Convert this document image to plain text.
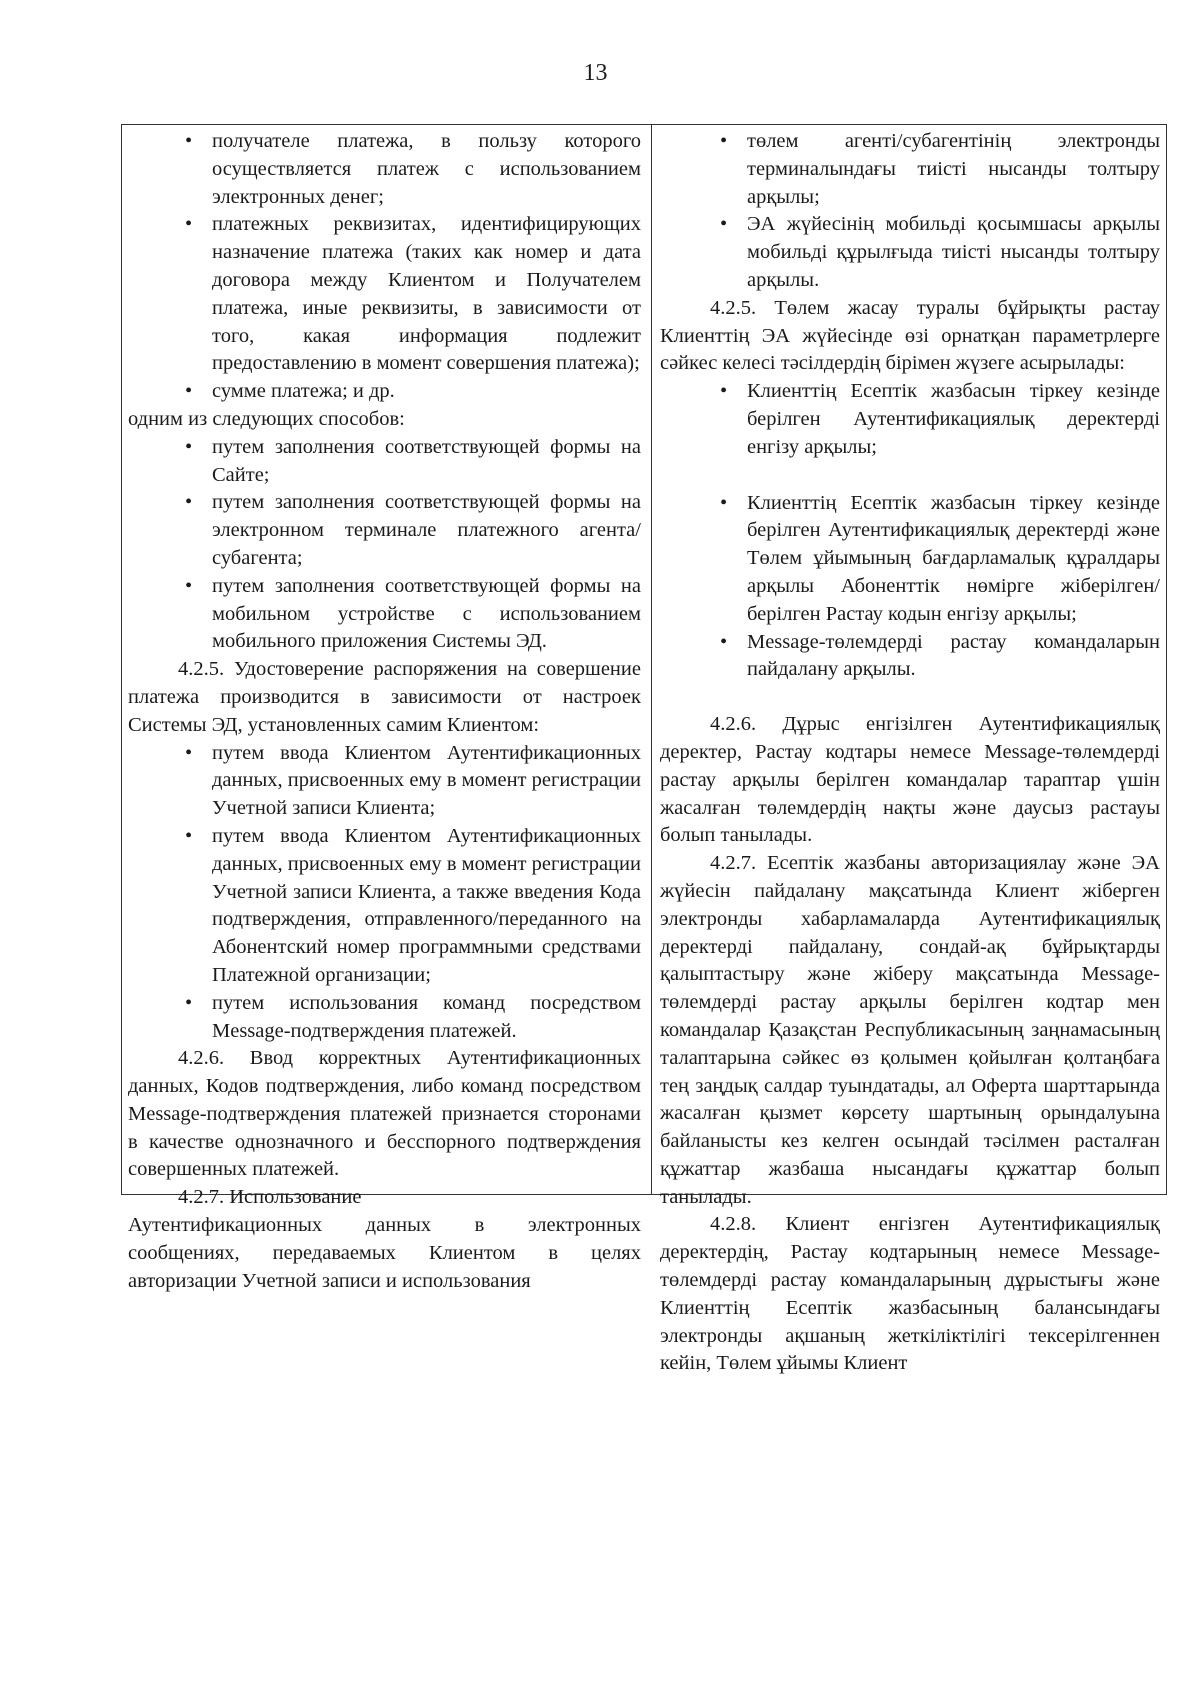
13
• получателе платежа, в пользу которого осуществляется платеж с использованием электронных денег;
• платежных реквизитах, идентифицирующих назначение платежа (таких как номер и дата договора между Клиентом и Получателем платежа, иные реквизиты, в зависимости от того, какая информация подлежит предоставлению в момент совершения платежа);
• сумме платежа; и др.

одним из следующих способов:

• путем заполнения соответствующей формы на Сайте;
• путем заполнения соответствующей формы на электронном терминале платежного агента/субагента;
• путем заполнения соответствующей формы на мобильном устройстве с использованием мобильного приложения Системы ЭД.

4.2.5. Удостоверение распоряжения на совершение платежа производится в зависимости от настроек Системы ЭД, установленных самим Клиентом:

• путем ввода Клиентом Аутентификационных данных, присвоенных ему в момент регистрации Учетной записи Клиента;
• путем ввода Клиентом Аутентификационных данных, присвоенных ему в момент регистрации Учетной записи Клиента, а также введения Кода подтверждения, отправленного/переданного на Абонентский номер программными средствами Платежной организации;
• путем использования команд посредством Message-подтверждения платежей.

4.2.6. Ввод корректных Аутентификационных данных, Кодов подтверждения, либо команд посредством Message-подтверждения платежей признается сторонами в качестве однозначного и бесспорного подтверждения совершенных платежей.

4.2.7. Использование

Аутентификационных данных в электронных сообщениях, передаваемых Клиентом в целях авторизации Учетной записи и использования

• төлем агенті/субагентінің электронды терминалындағы тиісті нысанды толтыру арқылы;
• ЭА жүйесінің мобильді қосымшасы арқылы мобильді құрылғыда тиісті нысанды толтыру арқылы.

4.2.5. Төлем жасау туралы бұйрықты растау Клиенттің ЭА жүйесінде өзі орнатқан параметрлерге сәйкес келесі тәсілдердің бірімен жүзеге асырылады:

• Клиенттің Есептік жазбасын тіркеу кезінде берілген Аутентификациялық деректерді енгізу арқылы;
• Клиенттің Есептік жазбасын тіркеу кезінде берілген Аутентификациялық деректерді және Төлем ұйымының бағдарламалық құралдары арқылы Абоненттік нөмірге жіберілген/берілген Растау кодын енгізу арқылы;
• Message-төлемдерді растау командаларын пайдалану арқылы.

4.2.6. Дұрыс енгізілген Аутентификациялық деректер, Растау кодтары немесе Message-төлемдерді растау арқылы берілген командалар тараптар үшін жасалған төлемдердің нақты және даусыз растауы болып танылады.

4.2.7. Есептік жазбаны авторизациялау және ЭА жүйесін пайдалану мақсатында Клиент жіберген электронды хабарламаларда Аутентификациялық деректерді пайдалану, сондай-ақ бұйрықтарды қалыптастыру және жіберу мақсатында Message-төлемдерді растау арқылы берілген кодтар мен командалар Қазақстан Республикасының заңнамасының талаптарына сәйкес өз қолымен қойылған қолтаңбаға тең заңдық салдар туындатады, ал Оферта шарттарында жасалған қызмет көрсету шартының орындалуына байланысты кез келген осындай тәсілмен расталған құжаттар жазбаша нысандағы құжаттар болып танылады.

4.2.8. Клиент енгізген Аутентификациялық деректердің, Растау кодтарының немесе Message-төлемдерді растау командаларының дұрыстығы және Клиенттің Есептік жазбасының балансындағы электронды ақшаның жеткіліктілігі тексерілгеннен кейін, Төлем ұйымы Клиент
